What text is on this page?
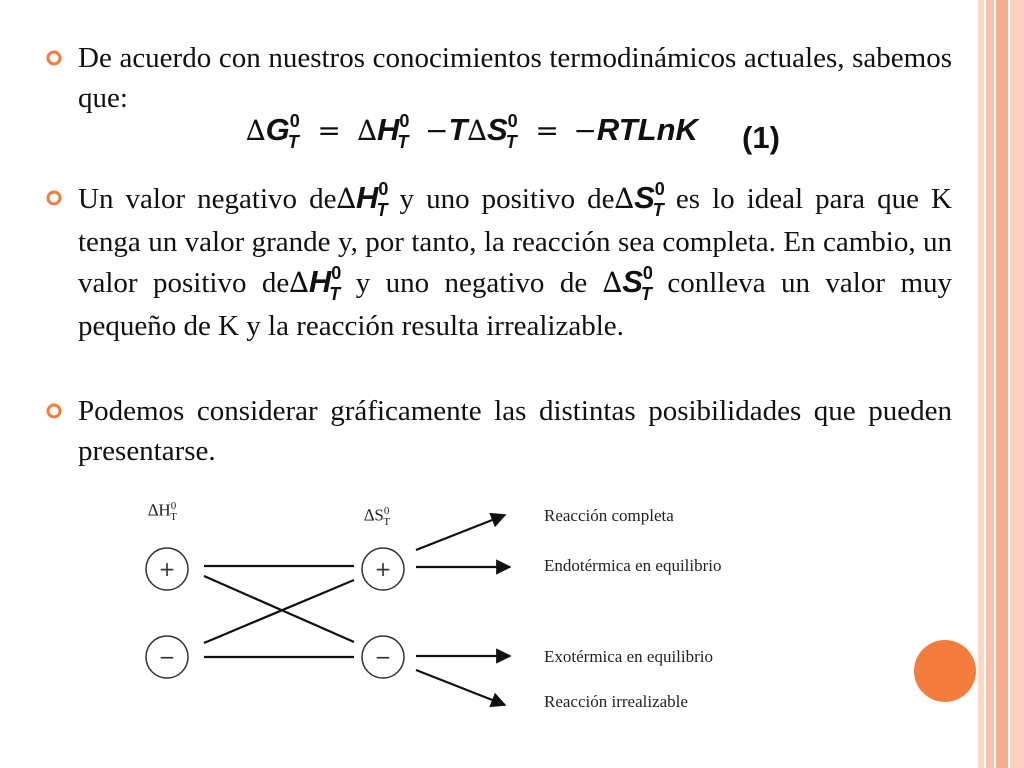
De acuerdo con nuestros conocimientos termodinámicos actuales, sabemos que:
$\Delta G^0_T = \Delta H^0_T -T\Delta S^0_T$ = −RTLnK (1)
Un valor negativo $de\Delta H^0_T$ y uno positivo $de\Delta S^0_T$ es lo ideal para que K tenga un valor grande y, por tanto, la reacción sea completa. En cambio, un valor positivo $de\Delta H^0_T$ y uno negativo de $\Delta S^0_T$ conlleva un valor muy pequeño de K y la reacción resulta irrealizable.
Podemos considerar gráficamente las distintas posibilidades que pueden presentarse.
$\Delta H^0_T$	$\Delta S^0_T$
+
−
+
−
Reacción completa
Endotérmica en equilibrio
Exotérmica en equilibrio
Reacción irrealizable
